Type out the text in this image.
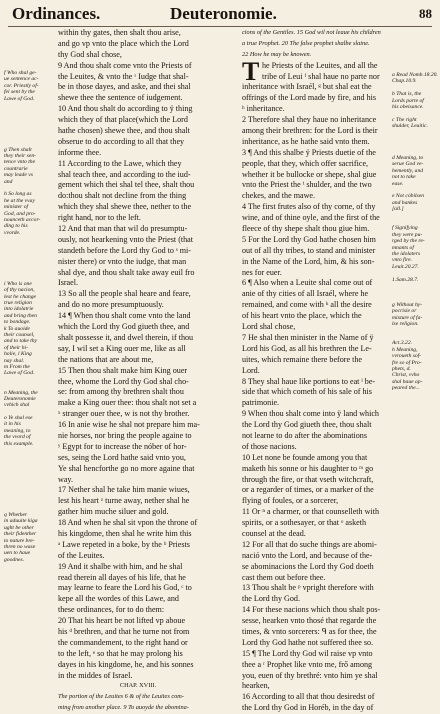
Ordinances.	Deuteronomie.	88
f Who shal ge-
ue sentence ac-
cor. Priestly of-
fei sent by the
Lawe of God.
g Then shalt
they their sen-
tence vnto the
countrarie
may leade vs
and
h So long as
he at the vvay
minister of
God, and pro-
nounceth accor-
ding to his
vvorde.
i Who is one
of thy nacion,
lest he change
true religion
into idolatrie
and bring then
to bondage.
k To auoide
their counsel,
and to take thy
of their hi-
holie, l King
nay shal.
m From the
Lawe of God.
n Meaning, the
Deuteronomie
vvhich shal
o Ye shal ese
it in his
meaning, to
the vvord of
this example.
q Whether
in aduuite kiga
ught be other
their fidenther
to nature bre-
thren no wase
uen to haue
goodnes.
within thy gates, then shalt thou arise,
and go vp vnto the place which the Lord
thy God shal chose,
9 And thou shalt come vnto the Priests of
the Leuites, & vnto the ʳ Iudge that shal-
be in those dayes, and aske, and thei shal
shewe thee the sentence of iudgement.
10 And thou shalt do according to ÿ thing
which they of that place(which the Lord
hathe chosen) shewe thee, and thou shalt
obserue to do according to all that they
informe thee.
11 According to the Lawe, which they
shal teach thee, and according to the iud-
gement which thei shal tel thee, shalt thou
do:thou shalt not decline from the thing
which they shal shewe thee, nether to the
right hand, nor to the left.
12 And that man that wil do presumptu-
ously, not hearkening vnto the Priest (that
standeth before the Lord thy God to ˢ mi-
nister there) or vnto the iudge, that man
shal dye, and thou shalt take away euil fro
Israel.
13 So all the people shal heare and feare,
and do no more presumptuously.
14 ¶ When thou shalt come vnto the land
which the Lord thy God giueth thee, and
shalt possesse it, and dwel therein, if thou
say, I wil set a King ouer me, like as all
the nations that are about me,
15 Then thou shalt make him King ouer
thee, whome the Lord thy God shal cho-
se: from among thy brethren shalt thou
make a King ouer thee: thou shalt not set a
ˣ stranger ouer thee, w is not thy brother.
16 In anie wise he shal not prepare him ma-
nie horses, nor bring the people againe to
ʸ Egypt for to increase the nóber of hor-
ses, seing the Lord hathe said vnto you,
Ye shal hencforthe go no more againe that
way.
17 Nether shal he take him manie wiues,
lest his heart ᶻ turne away, nether shal he
gather him muche siluer and gold.
18 And when he shal sit vpon the throne of
his kingdome, then shal he write him this
ᵃ Lawe repeted in a boke, by the ᵇ Priests
of the Leuites.
19 And it shalbe with him, and he shal
read therein all dayes of his life, that he
may learne to feare the Lord his God, ᶜ to
kepe all the wordes of this Lawe, and
these ordinances, for to do them:
20 That his heart be not lifted vp aboue
his ᵈ brethren, and that he turne not from
the commandement, to the right hand or
to the left, ᵉ so that he may prolong his
dayes in his kingdome, he, and his sonnes
in the middes of Israel.
CHAP. XVIII.
The portion of the Leuites 6 & of the Leuites com-
ming from another place. 9 To auoyde the abomina-
cions of the Gentiles. 15 God wil not leaue his children
a true Prophet. 20 The false prophet shalbe slaine.
22 How he may be knowen.
T he Priests of the Leuites, and all the
tribe of Leui ᶠ shal haue no parte nor
inheritance with Israél, ᵍ but shal eat the
offrings of the Lord made by fire, and his
ʰ inheritance.
2 Therefore shal they haue no inheritance
among their brethren: for the Lord is their
inheritance, as he hathe said vnto them.
3 ¶ And this shalbe ÿ Priests duetie of the
people, that they, which offer sacrifice,
whether it be bullocke or shepe, shal giue
vnto the Priest the ⁱ shulder, and the two
chekes, and the mawe.
4 The first frutes also of thy corne, of thy
wine, and of thine oyle, and the first of the
fleece of thy shepe shalt thou giue him.
5 For the Lord thy God hathe chosen him
out of all thy tribes, to stand and minister
in the Name of the Lord, him, & his son-
nes for euer.
6 ¶ Also when a Leuite shal come out of
anie of thy cities of all Israél, where he
remained, and come with ᵏ all the desire
of his heart vnto the place, which the
Lord shal chose,
7 He shal then minister in the Name of ÿ
Lord his God, as all his brethren the Le-
uites, which remaine there before the
Lord.
8 They shal haue like portions to eat ˡ be-
side that which cometh of his sale of his
patrimonie.
9 When thou shalt come into ÿ land which
the Lord thy God giueth thee, thou shalt
not learne to do after the abominations
of those nacions.
10 Let none be founde among you that
maketh his sonne or his daughter to ᵐ go
through the fire, or that vseth witchcraft,
or a regarder of times, or a marker of the
flying of foules, or a sorcerer,
11 Or ⁿ a charmer, or that counselleth with
spirits, or a sothesayer, or that ᵒ asketh
counsel at the dead.
12 For all that do suche things are abomi-
nació vnto the Lord, and because of the-
se abominacions the Lord thy God doeth
cast them out before thee.
13 Thou shalt be ᵖ vpright therefore with
the Lord thy God.
14 For these nacions which thou shalt pos-
sesse, hearken vnto thosé that regarde the
times, & vnto sorcerers: ᑫ as for thee, the
Lord thy God hathe not suffered thee so.
15 ¶ The Lord thy God wil raise vp vnto
thee a ʳ Prophet like vnto me, frő among
you, euen of thy brethré: vnto him ye shal
hearken,
16 According to all that thou desiredst of
the Lord thy God in Horéb, in the day of
a Read Nomb.18.20.
Chap.10.9.
b That is, the
Lords parte of
his obeisance.
c The right
shulder, Leuitic.
d Meaning, to
serue God ve-
hemently, and
not to take
ease.
e Not cóbilsen
and bankes
[all.]
f Signifying
they were pu-
rged by the re-
mnants of
the idolaters
vnto fire.
Leuit.20.27.
1.Sam.28.7.
g Without hy-
pocrisie or
mixture of fa-
lse religion.
Act.3.22.
h Meaning,
vvroueth sof-
fre so of Pro-
phets, d.
Christ, vvho
shal haue ap-
peared the...
